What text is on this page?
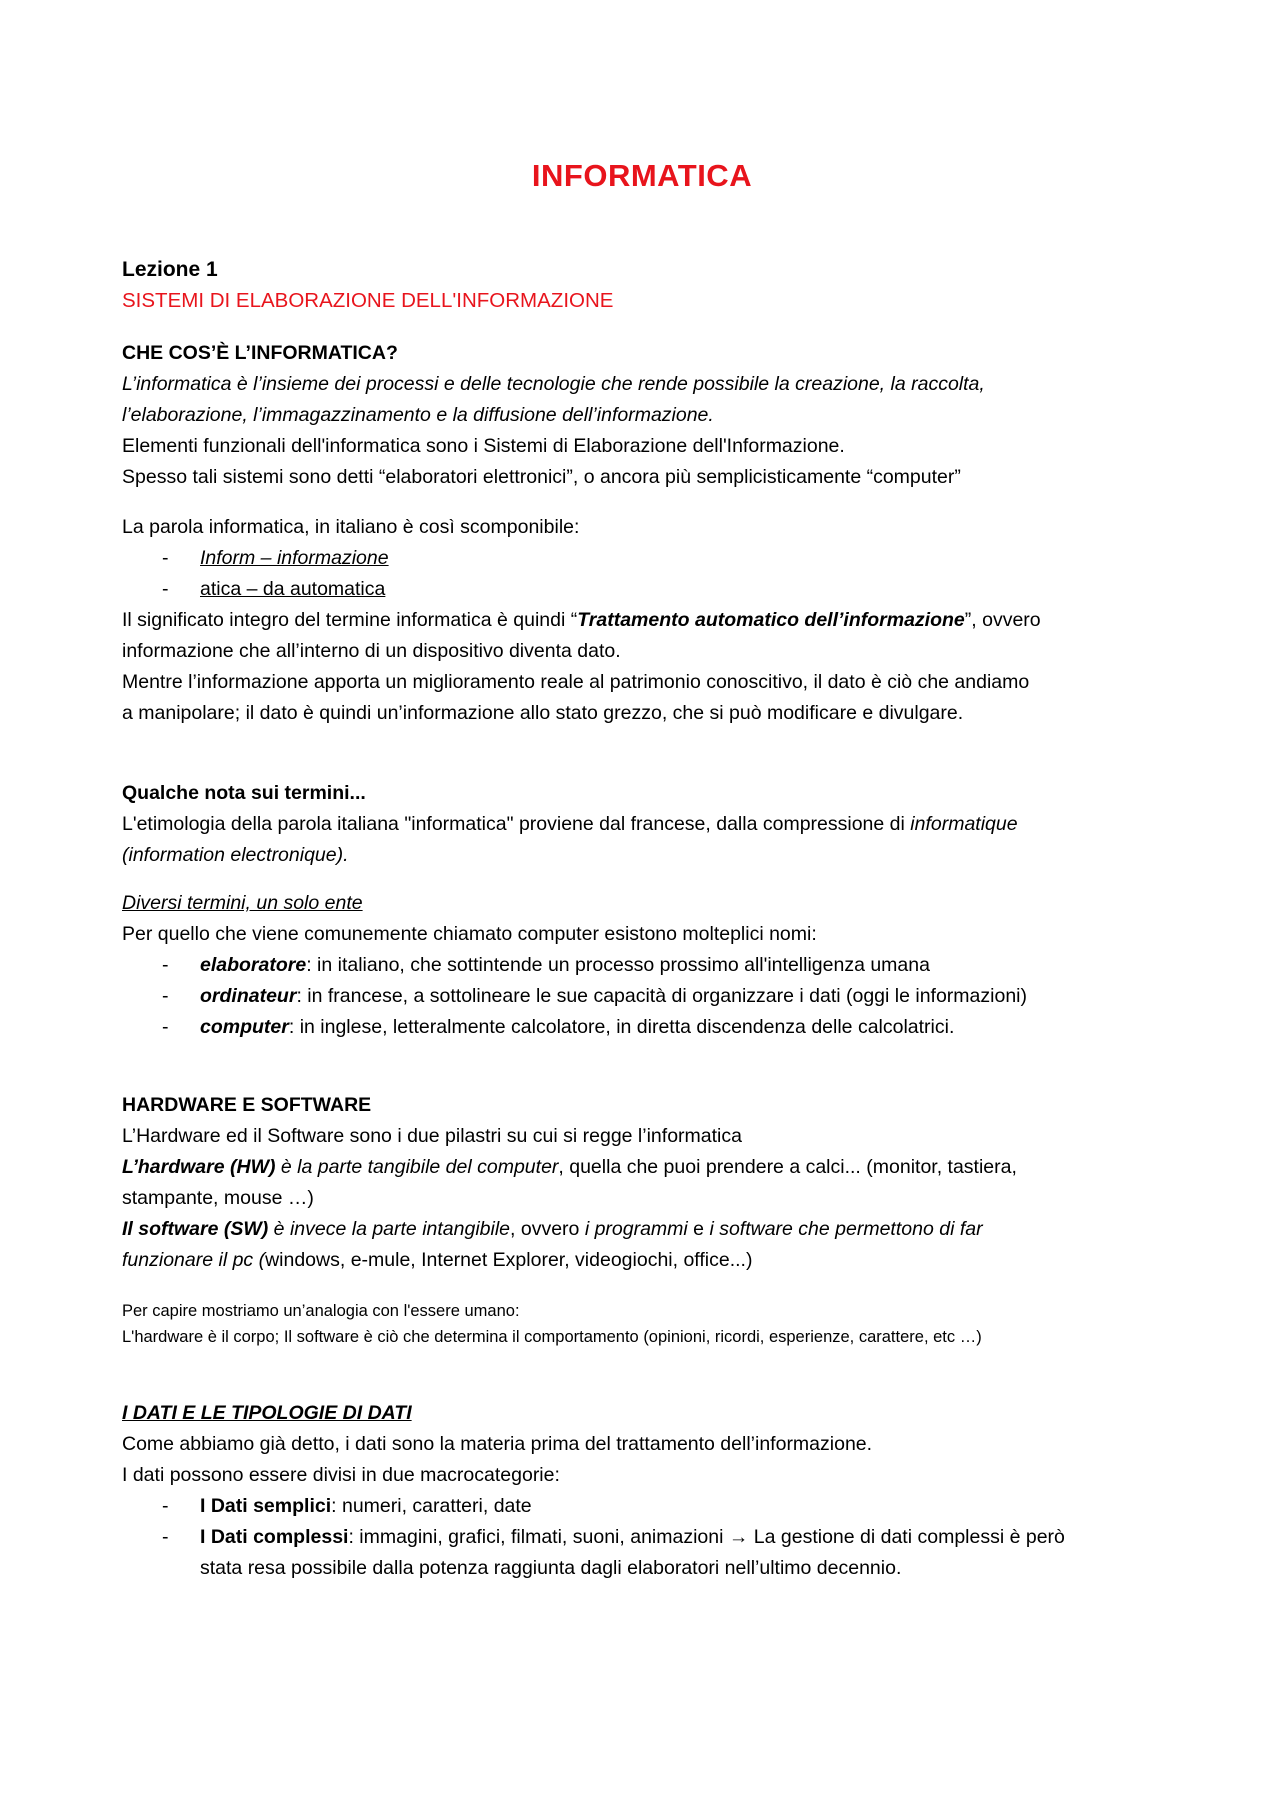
INFORMATICA

Lezione 1

SISTEMI DI ELABORAZIONE DELL'INFORMAZIONE

CHE COS’È L’INFORMATICA?

L’informatica è l’insieme dei processi e delle tecnologie che rende possibile la creazione, la raccolta,

l’elaborazione, l’immagazzinamento e la diffusione dell’informazione.

Elementi funzionali dell'informatica sono i Sistemi di Elaborazione dell'Informazione.

Spesso tali sistemi sono detti “elaboratori elettronici”, o ancora più semplicisticamente “computer”

La parola informatica, in italiano è così scomponibile:

- Inform – informazione
- atica – da automatica

Il significato integro del termine informatica è quindi “Trattamento automatico dell’informazione”, ovvero

informazione che all’interno di un dispositivo diventa dato.

Mentre l’informazione apporta un miglioramento reale al patrimonio conoscitivo, il dato è ciò che andiamo

a manipolare; il dato è quindi un’informazione allo stato grezzo, che si può modificare e divulgare.

Qualche nota sui termini...

L'etimologia della parola italiana "informatica" proviene dal francese, dalla compressione di informatique

(information electronique).

Diversi termini, un solo ente

Per quello che viene comunemente chiamato computer esistono molteplici nomi:

- elaboratore: in italiano, che sottintende un processo prossimo all'intelligenza umana
- ordinateur: in francese, a sottolineare le sue capacità di organizzare i dati (oggi le informazioni)
- computer: in inglese, letteralmente calcolatore, in diretta discendenza delle calcolatrici.

HARDWARE E SOFTWARE

L’Hardware ed il Software sono i due pilastri su cui si regge l’informatica

L’hardware (HW) è la parte tangibile del computer, quella che puoi prendere a calci... (monitor, tastiera,

stampante, mouse …)

Il software (SW) è invece la parte intangibile, ovvero i programmi e i software che permettono di far

funzionare il pc (windows, e-mule, Internet Explorer, videogiochi, office...)

Per capire mostriamo un’analogia con l'essere umano:

L'hardware è il corpo; Il software è ciò che determina il comportamento (opinioni, ricordi, esperienze, carattere, etc …)

I DATI E LE TIPOLOGIE DI DATI

Come abbiamo già detto, i dati sono la materia prima del trattamento dell’informazione.

I dati possono essere divisi in due macrocategorie:

- I Dati semplici: numeri, caratteri, date
- I Dati complessi: immagini, grafici, filmati, suoni, animazioni → La gestione di dati complessi è però
stata resa possibile dalla potenza raggiunta dagli elaboratori nell’ultimo decennio.
